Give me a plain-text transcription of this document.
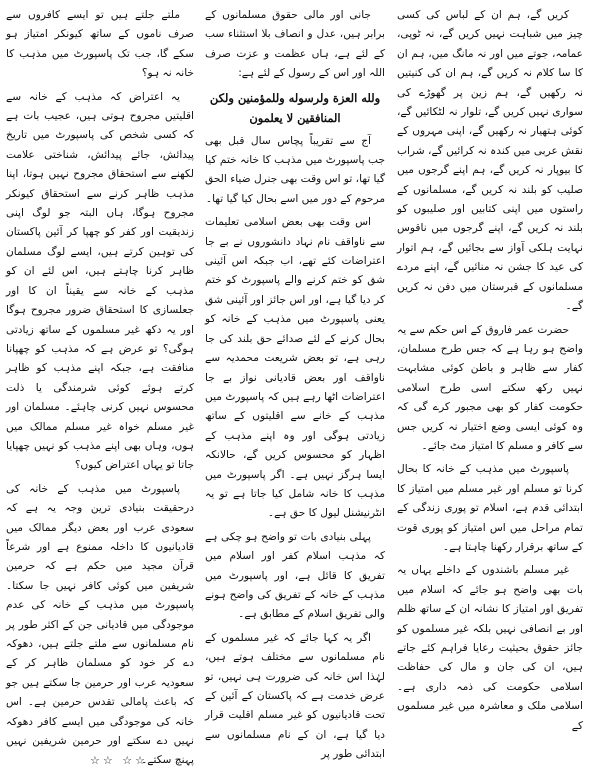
کریں گے، ہم ان کے لباس کی کسی چیز میں شباہت نہیں کریں گے، نہ ٹوپی، عمامہ، جوتے میں اور نہ مانگ میں، ہم ان کا سا کلام نہ کریں گے، ہم ان کی کنیتیں نہ رکھیں گے، ہم زین پر گھوڑے کی سواری نہیں کریں گے، تلوار نہ لٹکائیں گے، کوئی ہتھیار نہ رکھیں گے، اپنی مہروں کے نقش عربی میں کندہ نہ کرائیں گے، شراب کا بیوپار نہ کریں گے، ہم اپنے گرجوں میں صلیب کو بلند نہ کریں گے، مسلمانوں کے راستوں میں اپنی کتابیں اور صلیبوں کو بلند نہ کریں گے، اپنے گرجوں میں ناقوس نہایت ہلکی آواز سے بجائیں گے، ہم اتوار کی عید کا جشن نہ منائیں گے، اپنے مردے مسلمانوں کے قبرستان میں دفن نہ کریں گے۔

حضرت عمر فاروق کے اس حکم سے یہ واضح ہو رہا ہے کہ جس طرح مسلمان، کفار سے ظاہر و باطن کوئی مشابہت نہیں رکھ سکتے اسی طرح اسلامی حکومت کفار کو بھی مجبور کرے گی کہ وہ کوئی ایسی وضع اختیار نہ کریں جس سے کافر و مسلم کا امتیاز مٹ جائے۔

پاسپورٹ میں مذہب کے خانہ کا بحال کرنا تو مسلم اور غیر مسلم میں امتیاز کا ابتدائی قدم ہے، اسلام تو پوری زندگی کے تمام مراحل میں اس امتیاز کو پوری قوت کے ساتھ برقرار رکھنا چاہتا ہے۔

غیر مسلم باشندوں کے داخلے یہاں یہ بات بھی واضح ہو جائے کہ اسلام میں تفریق اور امتیاز کا نشانہ ان کے ساتھ ظلم اور بے انصافی نہیں بلکہ غیر مسلموں کو جائز حقوق بحیثیت رعایا فراہم کئے جاتے ہیں، ان کی جان و مال کی حفاظت اسلامی حکومت کی ذمہ داری ہے۔ اسلامی ملک و معاشرہ میں غیر مسلموں کے

جانی اور مالی حقوق مسلمانوں کے برابر ہیں، عدل و انصاف بلا استثناء سب کے لئے ہے، ہاں عظمت و عزت صرف اللہ اور اس کے رسول کے لئے ہے:

ولله العزة ولرسوله وللمؤمنين ولكن المنافقين لا يعلمون

آج سے تقریباً پچاس سال قبل بھی جب پاسپورٹ میں مذہب کا خانہ ختم کیا گیا تھا، تو اس وقت بھی جنرل ضیاء الحق مرحوم کے دور میں اسے بحال کیا گیا تھا۔

اس وقت بھی بعض اسلامی تعلیمات سے ناواقف نام نہاد دانشوروں نے بے جا اعتراضات کئے تھے، اب جبکہ اس آئینی شق کو ختم کرنے والے پاسپورٹ کو ختم کر دیا گیا ہے، اور اس جائز اور آئینی شق یعنی پاسپورٹ میں مذہب کے خانہ کو بحال کرنے کے لئے صدائے حق بلند کی جا رہی ہے، تو بعض شریعت محمدیہ سے ناواقف اور بعض قادیانی نواز بے جا اعتراضات اٹھا رہے ہیں کہ پاسپورٹ میں مذہب کے خانے سے اقلیتوں کے ساتھ زیادتی ہوگی اور وہ اپنے مذہب کے اظہار کو محسوس کریں گے، حالانکہ ایسا ہرگز نہیں ہے۔ اگر پاسپورٹ میں مذہب کا خانہ شامل کیا جاتا ہے تو یہ انٹرنیشنل لیول کا حق ہے۔

پہلی بنیادی بات تو واضح ہو چکی ہے کہ مذہب اسلام کفر اور اسلام میں تفریق کا قائل ہے، اور پاسپورٹ میں مذہب کے خانہ کے تفریق کی واضح ہونے والی تفریق اسلام کے مطابق ہے۔

اگر یہ کہا جائے کہ غیر مسلموں کے نام مسلمانوں سے مختلف ہوتے ہیں، لہٰذا اس خانہ کی ضرورت ہی نہیں، تو عرض خدمت ہے کہ پاکستان کے آئین کے تحت قادیانیوں کو غیر مسلم اقلیت قرار دیا گیا ہے، ان کے نام مسلمانوں سے ابتدائی طور پر

ملتے جلتے ہیں تو ایسے کافروں سے صرف ناموں کے ساتھ کیونکر امتیاز ہو سکے گا، جب تک پاسپورٹ میں مذہب کا خانہ نہ ہو؟

یہ اعتراض کہ مذہب کے خانہ سے اقلیتیں مجروح ہوتی ہیں، عجیب بات ہے کہ کسی شخص کی پاسپورٹ میں تاریخ پیدائش، جائے پیدائش، شناختی علامت لکھنے سے استحقاق مجروح نہیں ہوتا، اپنا مذہب ظاہر کرنے سے استحقاق کیونکر مجروح ہوگا، ہاں البتہ جو لوگ اپنی زندیقیت اور کفر کو چھپا کر آئین پاکستان کی توہین کرتے ہیں، ایسے لوگ مسلمان ظاہر کرنا چاہتے ہیں، اس لئے ان کو مذہب کے خانہ سے یقیناً ان کا اور جعلسازی کا استحقاق ضرور مجروح ہوگا اور یہ دکھ غیر مسلموں کے ساتھ زیادتی ہوگی؟ تو عرض ہے کہ مذہب کو چھپانا منافقت ہے، جبکہ اپنے مذہب کو ظاہر کرتے ہوئے کوئی شرمندگی یا ذلت محسوس نہیں کرنی چاہئے۔ مسلمان اور غیر مسلم خواہ غیر مسلم ممالک میں ہوں، وہاں بھی اپنے مذہب کو نہیں چھپایا جاتا تو یہاں اعتراض کیوں؟

پاسپورٹ میں مذہب کے خانہ کی درحقیقت بنیادی ترین وجہ یہ ہے کہ سعودی عرب اور بعض دیگر ممالک میں قادیانیوں کا داخلہ ممنوع ہے اور شرعاً قرآن مجید میں حکم ہے کہ حرمین شریفین میں کوئی کافر نہیں جا سکتا۔ پاسپورٹ میں مذہب کے خانہ کی عدم موجودگی میں قادیانی جن کے اکثر طور پر نام مسلمانوں سے ملتے جلتے ہیں، دھوکہ دے کر خود کو مسلمان ظاہر کر کے سعودیہ عرب اور حرمین جا سکتے ہیں جو کہ باعث پامالی تقدس حرمین ہے۔ اس خانہ کی موجودگی میں ایسے کافر دھوکہ نہیں دے سکتے اور حرمین شریفین نہیں پہنچ سکتے۔

☆☆ ☆☆
